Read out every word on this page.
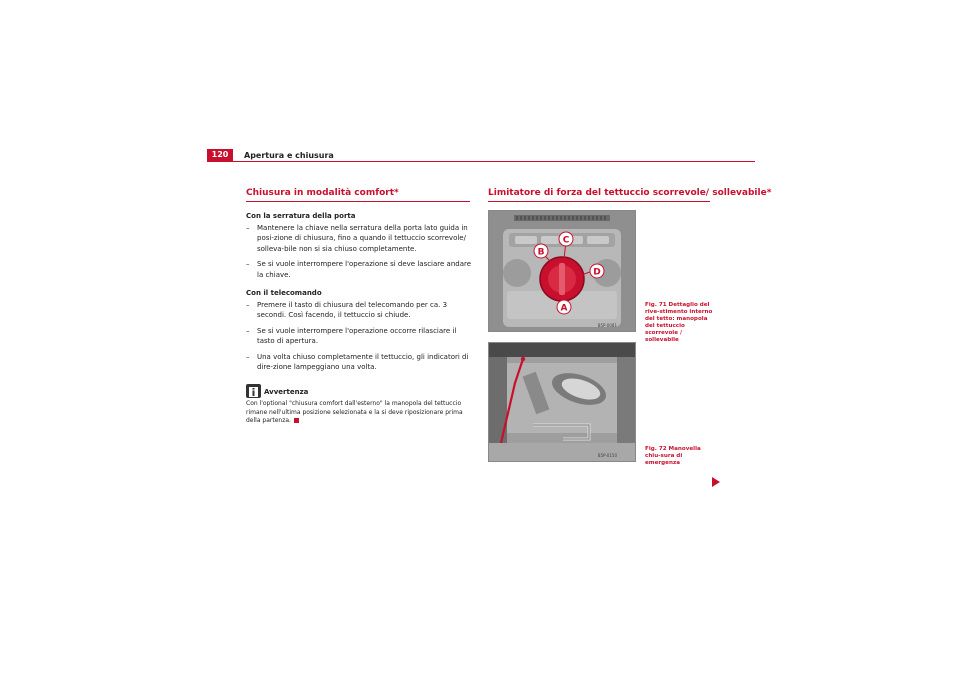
120	Apertura e chiusura
Chiusura in modalità comfort*
Con la serratura della porta
– Mantenere la chiave nella serratura della porta lato guida in posi-zione di chiusura, fino a quando il tettuccio scorrevole/ solleva-bile non si sia chiuso completamente.
– Se si vuole interrompere l'operazione si deve lasciare andare la chiave.
Con il telecomando
– Premere il tasto di chiusura del telecomando per ca. 3 secondi. Così facendo, il tettuccio si chiude.
– Se si vuole interrompere l'operazione occorre rilasciare il tasto di apertura.
– Una volta chiuso completamente il tettuccio, gli indicatori di dire-zione lampeggiano una volta.
Avvertenza
Con l'optional "chiusura comfort dall'esterno" la manopola del tettuccio rimane nell'ultima posizione selezionata e la si deve riposizionare prima della partenza.
Limitatore di forza del tettuccio scorrevole/ sollevabile*
B
C
D
A
B5P-0081
Fig. 71 Dettaglio del rive-stimento interno del tetto: manopola del tettuccio scorrevole / sollevabile
B5P-0150
Fig. 72 Manovella chiu-sura di emergenza
